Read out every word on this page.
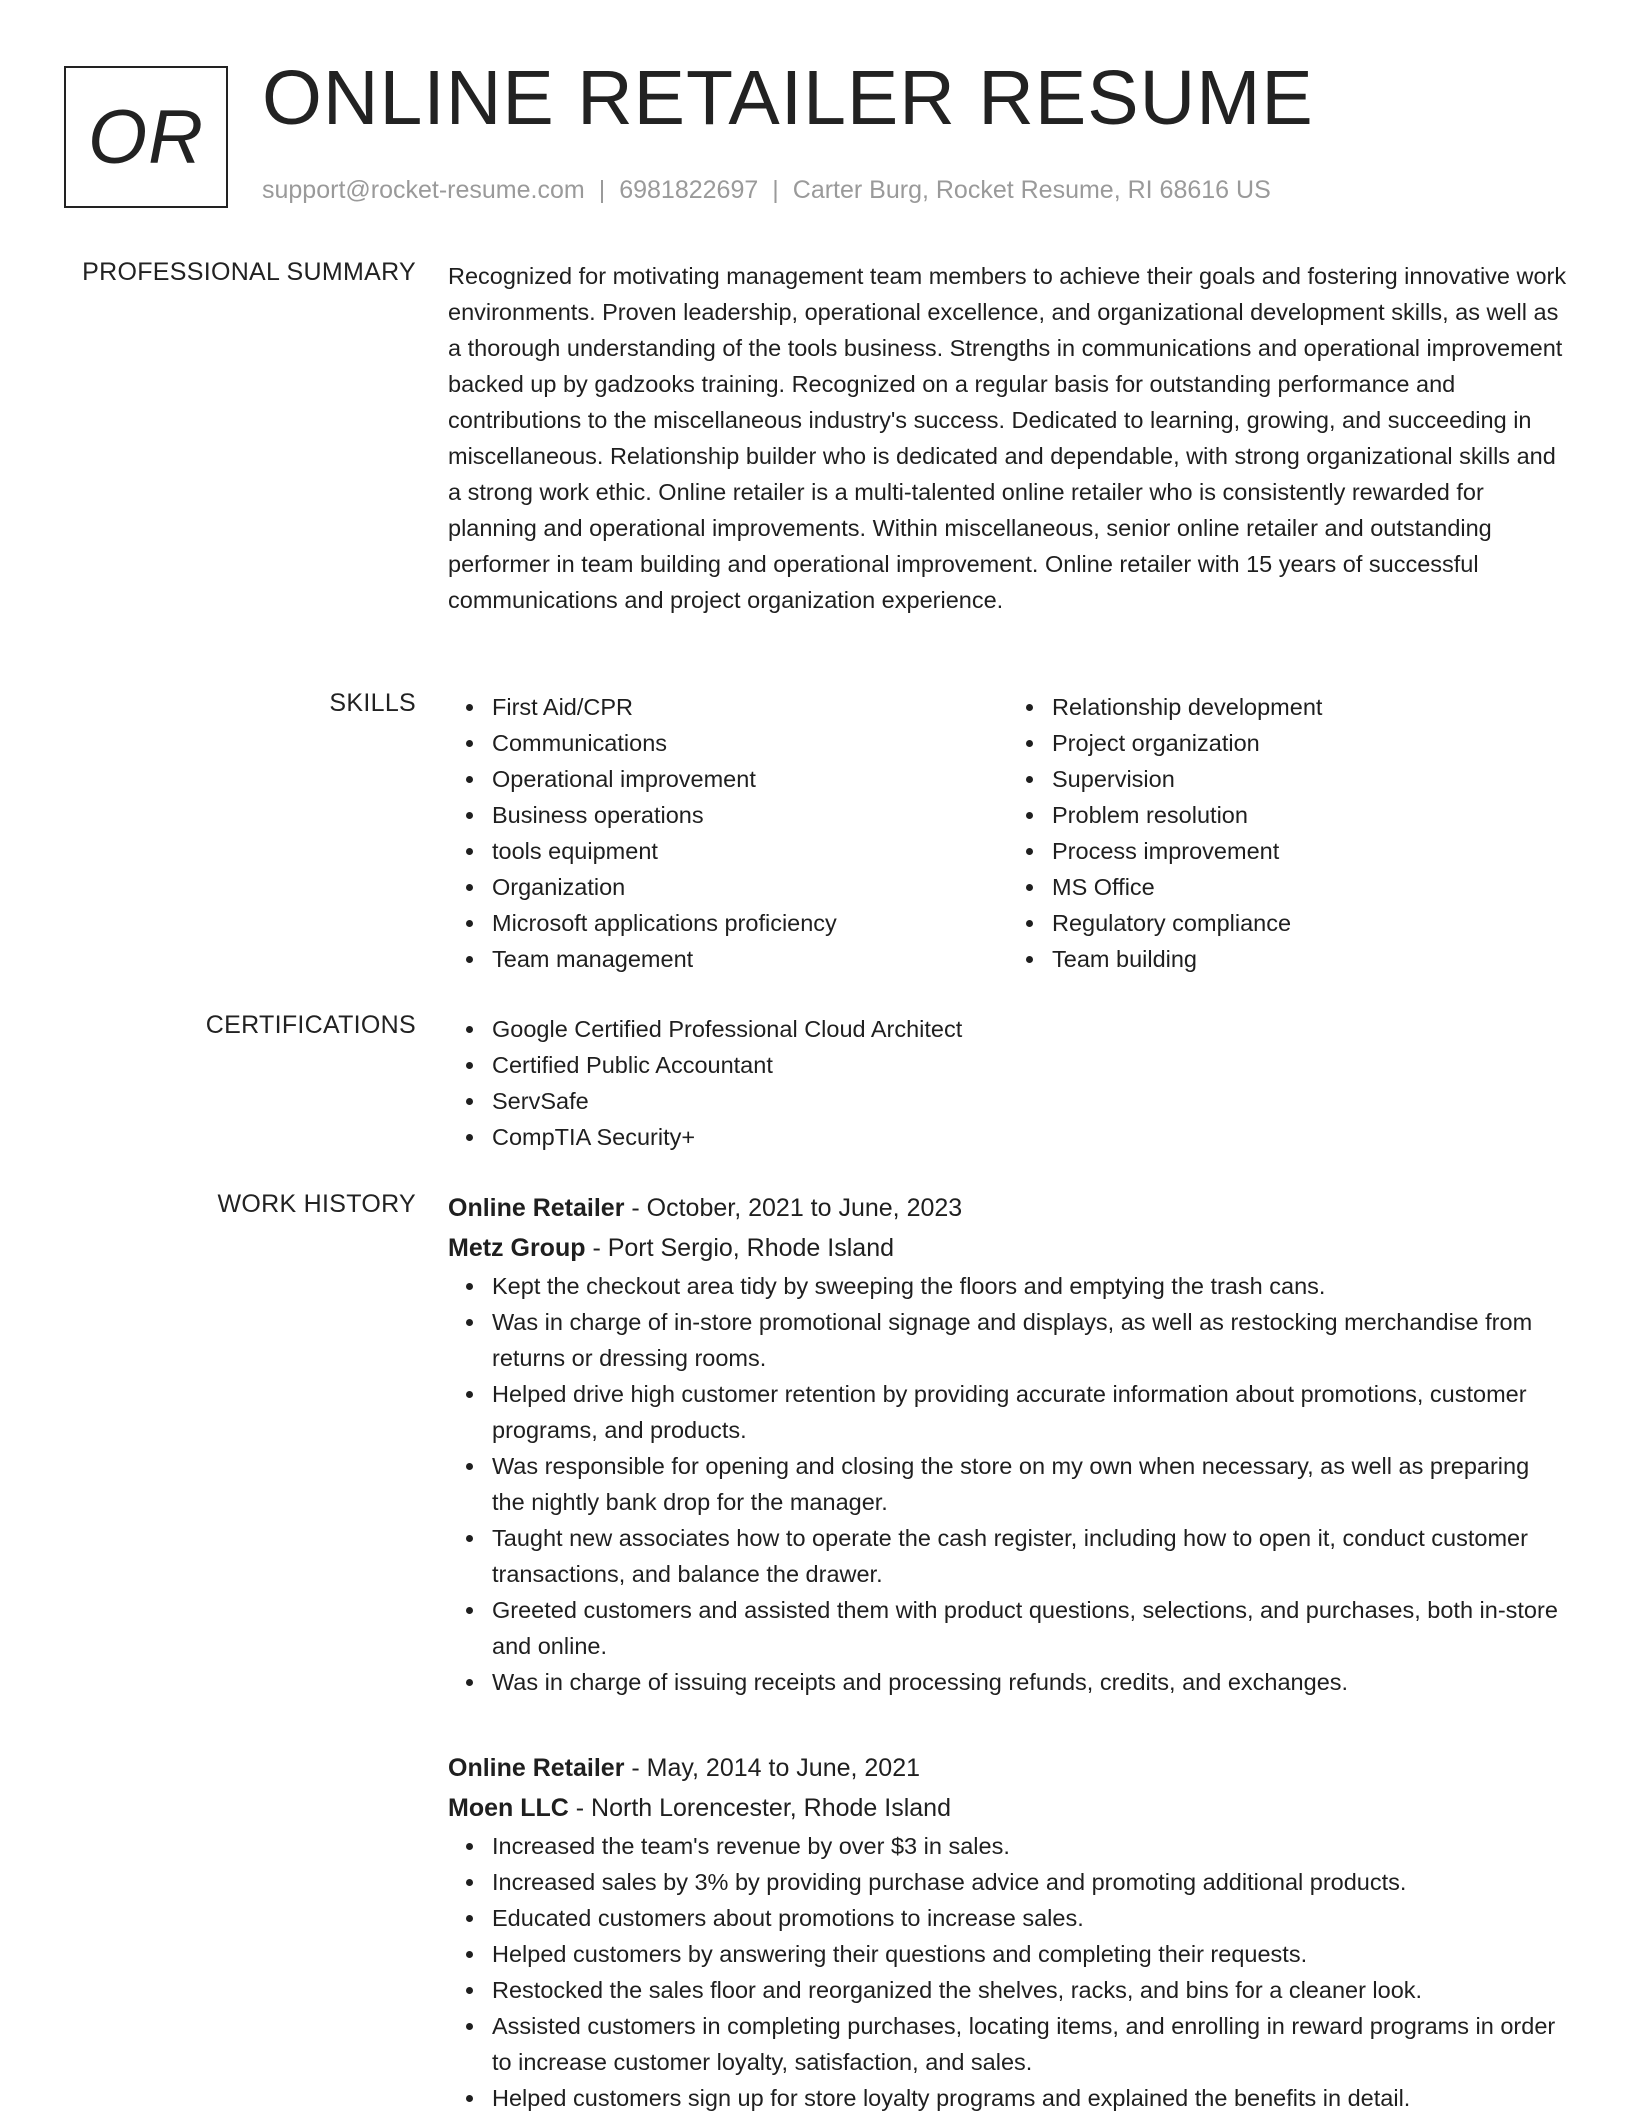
OR ONLINE RETAILER RESUME
support@rocket-resume.com | 6981822697 | Carter Burg, Rocket Resume, RI 68616 US
PROFESSIONAL SUMMARY Recognized for motivating management team members to achieve their goals and fostering innovative work environments. Proven leadership, operational excellence, and organizational development skills, as well as a thorough understanding of the tools business. Strengths in communications and operational improvement backed up by gadzooks training. Recognized on a regular basis for outstanding performance and contributions to the miscellaneous industry's success. Dedicated to learning, growing, and succeeding in miscellaneous. Relationship builder who is dedicated and dependable, with strong organizational skills and a strong work ethic. Online retailer is a multi-talented online retailer who is consistently rewarded for planning and operational improvements. Within miscellaneous, senior online retailer and outstanding performer in team building and operational improvement. Online retailer with 15 years of successful communications and project organization experience.

SKILLS	First Aid/CPR
Communications
Operational improvement
Business operations
tools equipment
Organization
Microsoft applications proficiency
Team management
Relationship development
Project organization
Supervision
Problem resolution
Process improvement
MS Office
Regulatory compliance
Team building
CERTIFICATIONS	Google Certified Professional Cloud Architect
Certified Public Accountant
ServSafe
CompTIA Security+
WORK HISTORY Online Retailer - October, 2021 to June, 2023
Metz Group - Port Sergio, Rhode Island
Kept the checkout area tidy by sweeping the floors and emptying the trash cans.
Was in charge of in-store promotional signage and displays, as well as restocking merchandise from returns or dressing rooms.
Helped drive high customer retention by providing accurate information about promotions, customer programs, and products.
Was responsible for opening and closing the store on my own when necessary, as well as preparing the nightly bank drop for the manager.
Taught new associates how to operate the cash register, including how to open it, conduct customer transactions, and balance the drawer.
Greeted customers and assisted them with product questions, selections, and purchases, both in-store and online.
Was in charge of issuing receipts and processing refunds, credits, and exchanges.
Online Retailer - May, 2014 to June, 2021
Moen LLC - North Lorencester, Rhode Island
Increased the team's revenue by over $3 in sales.
Increased sales by 3% by providing purchase advice and promoting additional products.
Educated customers about promotions to increase sales.
Helped customers by answering their questions and completing their requests.
Restocked the sales floor and reorganized the shelves, racks, and bins for a cleaner look.
Assisted customers in completing purchases, locating items, and enrolling in reward programs in order to increase customer loyalty, satisfaction, and sales.
Helped customers sign up for store loyalty programs and explained the benefits in detail.
